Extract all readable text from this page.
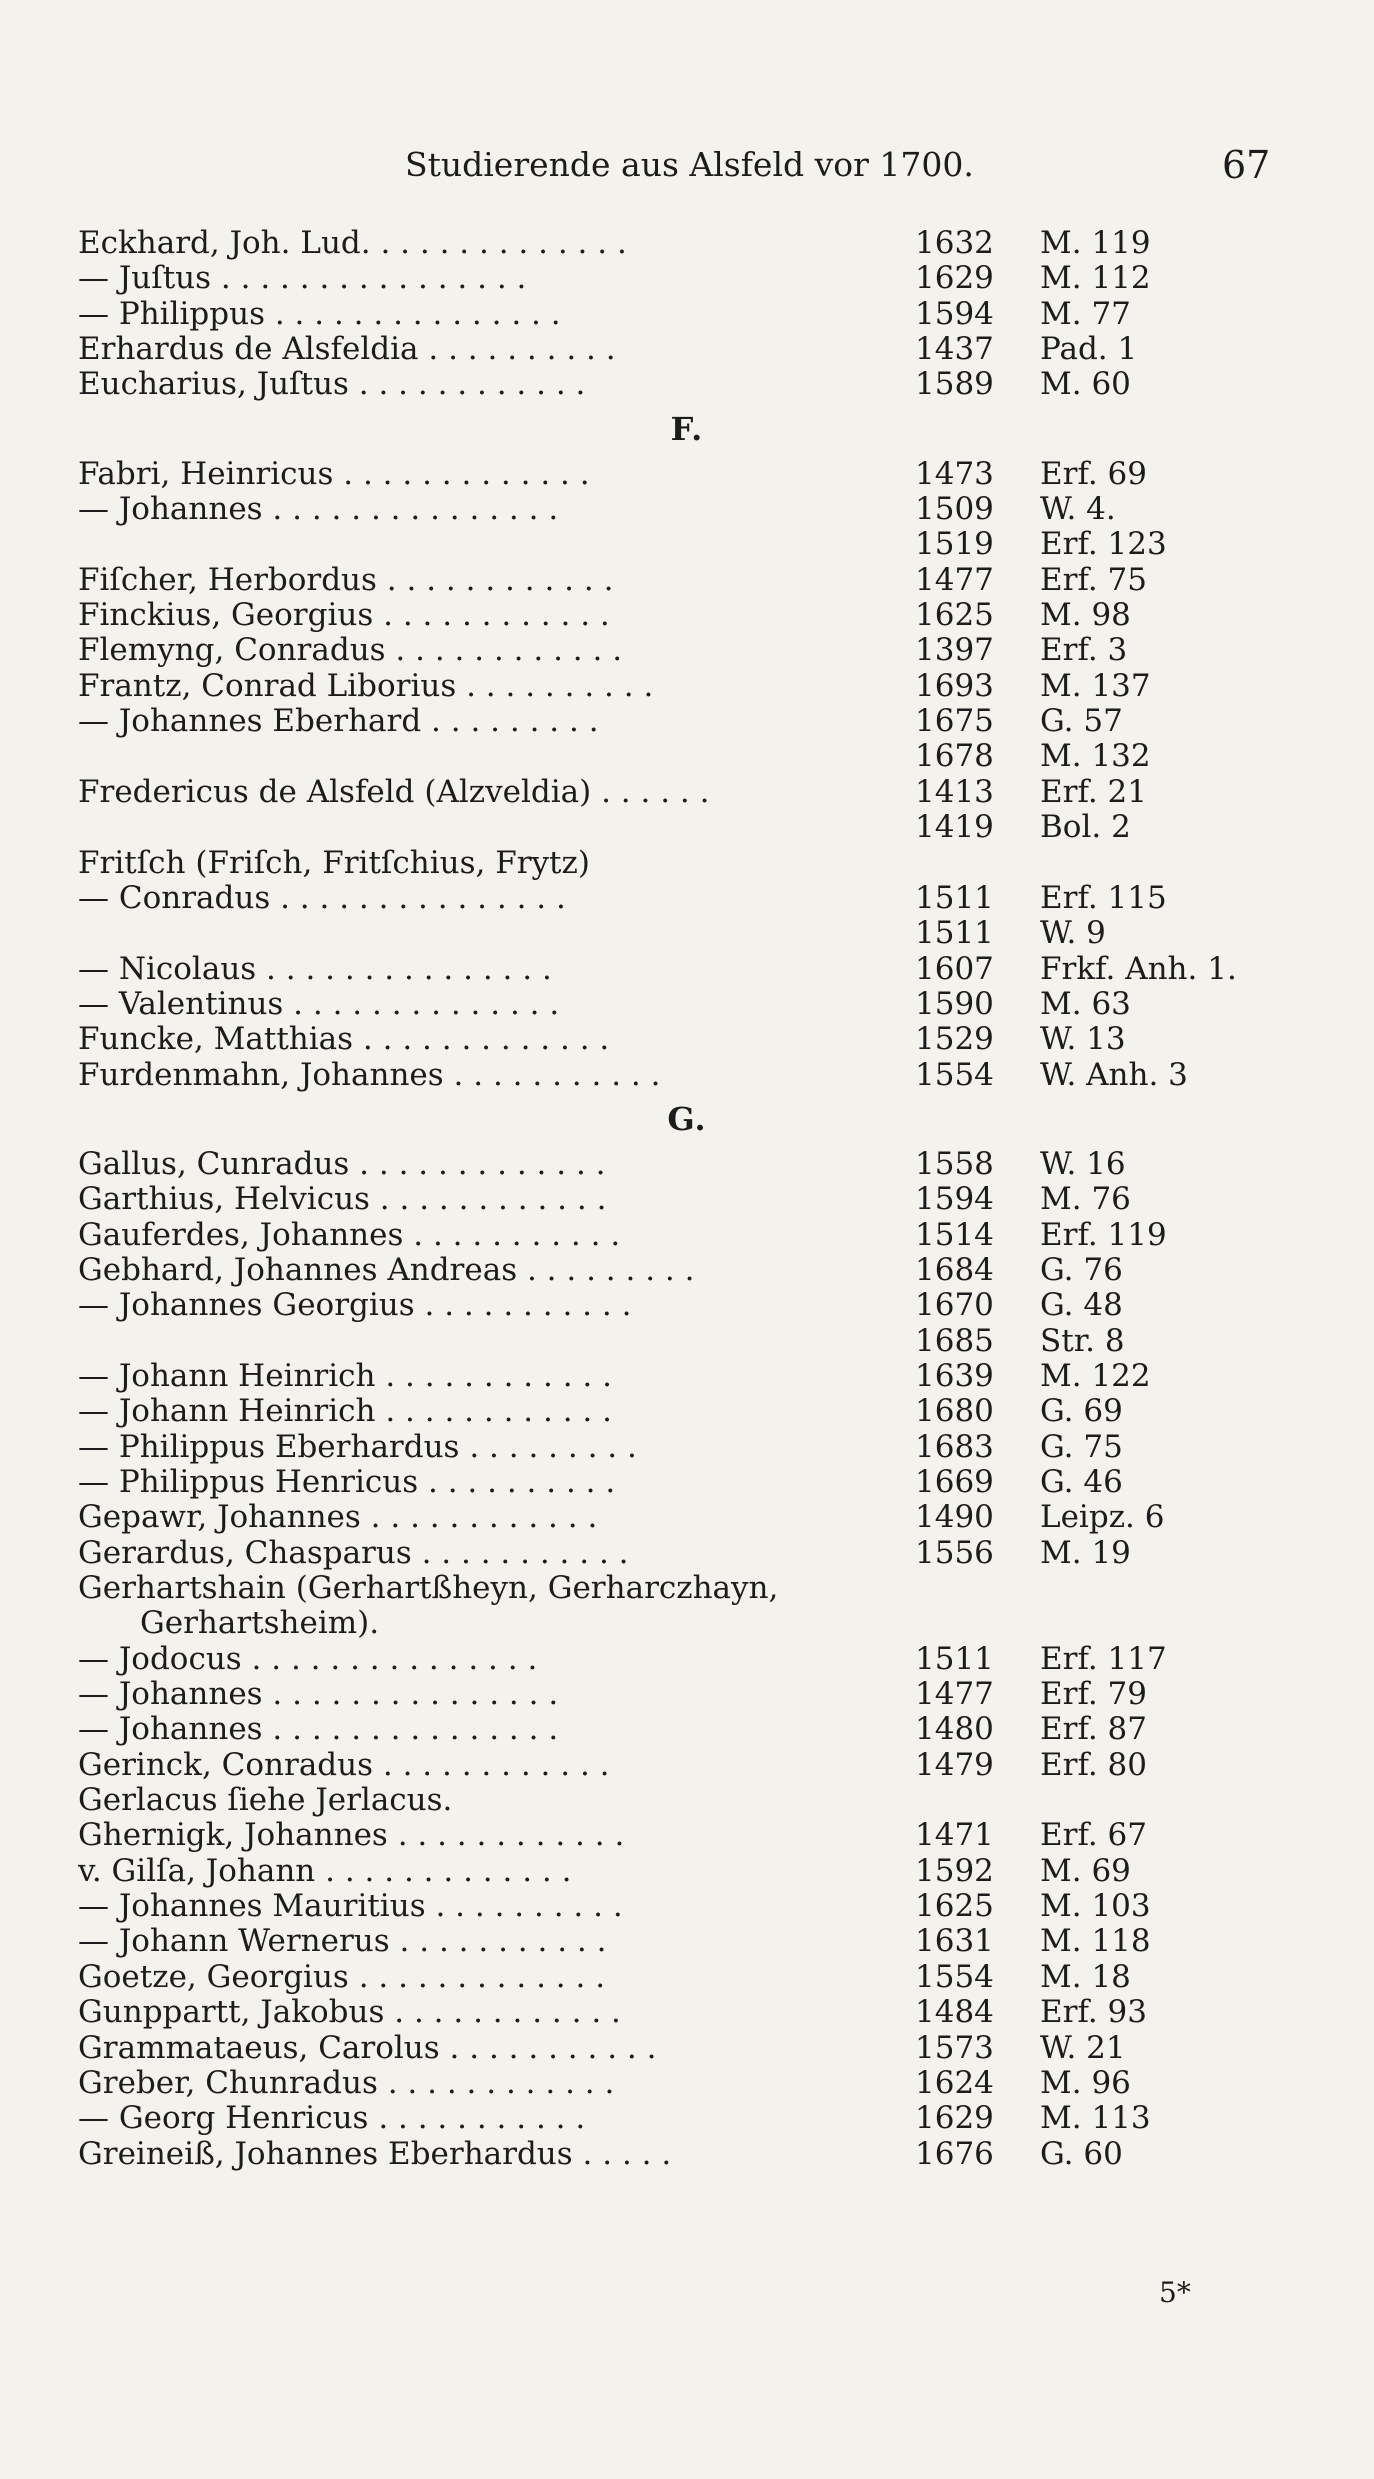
Studierende aus Alsfeld vor 1700.	67
Eckhard, Joh. Lud. . . . . . . . . . . . . .	1632 M. 119
— Juſtus . . . . . . . . . . . . . . . .	1629 M. 112
— Philippus . . . . . . . . . . . . . . .	1594 M. 77
Erhardus de Alsfeldia . . . . . . . . . .	1437 Pad. 1
Eucharius, Juſtus . . . . . . . . . . . .	1589 M. 60
F.
Fabri, Heinricus . . . . . . . . . . . . .	1473 Erf. 69
— Johannes . . . . . . . . . . . . . . .	1509 W. 4.
1519 Erf. 123
Fiſcher, Herbordus . . . . . . . . . . . .	1477 Erf. 75
Finckius, Georgius . . . . . . . . . . . .	1625 M. 98
Flemyng, Conradus . . . . . . . . . . . .	1397 Erf. 3
Frantz, Conrad Liborius . . . . . . . . . .	1693 M. 137
— Johannes Eberhard . . . . . . . . .	1675 G. 57
1678 M. 132
Fredericus de Alsfeld (Alzveldia) . . . . . .	1413 Erf. 21
1419 Bol. 2
Fritſch (Friſch, Fritſchius, Frytz)
— Conradus . . . . . . . . . . . . . . .	1511 Erf. 115
1511 W. 9
— Nicolaus . . . . . . . . . . . . . . .	1607 Frkf. Anh. 1.
— Valentinus . . . . . . . . . . . . . .	1590 M. 63
Funcke, Matthias . . . . . . . . . . . . .	1529 W. 13
Furdenmahn, Johannes . . . . . . . . . . .	1554 W. Anh. 3
G.
Gallus, Cunradus . . . . . . . . . . . . .	1558 W. 16
Garthius, Helvicus . . . . . . . . . . . .	1594 M. 76
Gauferdes, Johannes . . . . . . . . . . .	1514 Erf. 119
Gebhard, Johannes Andreas . . . . . . . . .	1684 G. 76
— Johannes Georgius . . . . . . . . . . .	1670 G. 48
1685 Str. 8
— Johann Heinrich . . . . . . . . . . . .	1639 M. 122
— Johann Heinrich . . . . . . . . . . . .	1680 G. 69
— Philippus Eberhardus . . . . . . . . .	1683 G. 75
— Philippus Henricus . . . . . . . . . .	1669 G. 46
Gepawr, Johannes . . . . . . . . . . . .	1490 Leipz. 6
Gerardus, Chasparus . . . . . . . . . . .	1556 M. 19
Gerhartshain (Gerhartßheyn, Gerharczhayn,
Gerhartsheim).
— Jodocus . . . . . . . . . . . . . . .	1511 Erf. 117
— Johannes . . . . . . . . . . . . . . .	1477 Erf. 79
— Johannes . . . . . . . . . . . . . . .	1480 Erf. 87
Gerinck, Conradus . . . . . . . . . . . .	1479 Erf. 80
Gerlacus ſiehe Jerlacus.
Ghernigk, Johannes . . . . . . . . . . . .	1471 Erf. 67
v. Gilſa, Johann . . . . . . . . . . . . .	1592 M. 69
— Johannes Mauritius . . . . . . . . . .	1625 M. 103
— Johann Wernerus . . . . . . . . . . .	1631 M. 118
Goetze, Georgius . . . . . . . . . . . . .	1554 M. 18
Gunppartt, Jakobus . . . . . . . . . . . .	1484 Erf. 93
Grammataeus, Carolus . . . . . . . . . . .	1573 W. 21
Greber, Chunradus . . . . . . . . . . . .	1624 M. 96
— Georg Henricus . . . . . . . . . . .	1629 M. 113
Greineiß, Johannes Eberhardus . . . . .	1676 G. 60
5*
